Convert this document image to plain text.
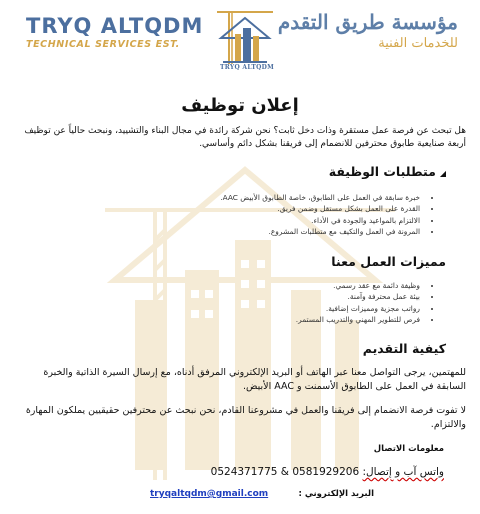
TRYQ ALTQDM
TECHNICAL SERVICES EST.
TRYQ ALTQDM
مؤسسة طريق التقدم
للخدمات الفنية
إعلان توظيف
هل تبحث عن فرصة عمل مستقرة وذات دخل ثابت؟ نحن شركة رائدة في مجال البناء والتشييد، ونبحث حالياً عن توظيف أربعة صنايعية طابوق محترفين للانضمام إلى فريقنا بشكل دائم وأساسي.
◢متطلبات الوظيفة
• خبرة سابقة في العمل على الطابوق، خاصة الطابوق الأبيض AAC.
• القدرة على العمل بشكل مستقل وضمن فريق.
• الالتزام بالمواعيد والجودة في الأداء.
• المرونة في العمل والتكيف مع متطلبات المشروع.
مميزات العمل معنا
• وظيفة دائمة مع عقد رسمي.
• بيئة عمل محترفة وآمنة.
• رواتب مجزية ومميزات إضافية.
• فرص للتطوير المهني والتدريب المستمر.
كيفية التقديم
للمهتمين، يرجى التواصل معنا عبر الهاتف أو البريد الإلكتروني المرفق أدناه، مع إرسال السيرة الذاتية والخبرة السابقة في العمل على الطابوق الأسمنت و AAC الأبيض.
لا تفوت فرصة الانضمام إلى فريقنا والعمل في مشروعنا القادم، نحن نبحث عن محترفين حقيقيين يملكون المهارة والالتزام.
معلومات الاتصال
واتس آب و إتصال: 0581929206 & 0524371775
البريد الإلكتروني :
tryqaltqdm@gmail.com
